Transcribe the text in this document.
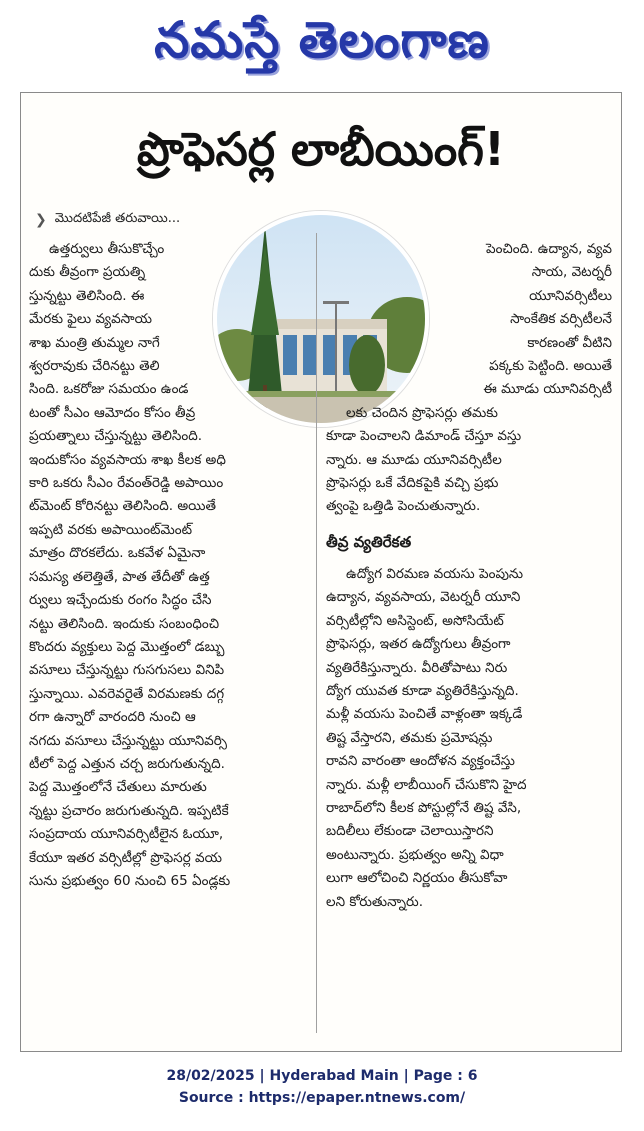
నమస్తే తెలంగాణ
ప్రొఫెసర్ల లాబీయింగ్!
❯ మొదటిపేజీ తరువాయి...

ఉత్తర్వులు తీసుకొచ్చేం

దుకు తీవ్రంగా ప్రయత్ని

స్తున్నట్టు తెలిసింది. ఈ

మేరకు ఫైలు వ్యవసాయ

శాఖ మంత్రి తుమ్మల నాగే

శ్వరరావుకు చేరినట్టు తెలి

సింది. ఒకరోజు సమయం ఉండ

టంతో సీఎం ఆమోదం కోసం తీవ్ర

ప్రయత్నాలు చేస్తున్నట్టు తెలిసింది.

ఇందుకోసం వ్యవసాయ శాఖ కీలక అధి

కారి ఒకరు సీఎం రేవంత్‌రెడ్డి అపాయిం

ట్‌మెంట్ కోరినట్టు తెలిసింది. అయితే

ఇప్పటి వరకు అపాయింట్‌మెంట్

మాత్రం దొరకలేదు. ఒకవేళ ఏమైనా

సమస్య తలెత్తితే, పాత తేదీతో ఉత్త

ర్వులు ఇచ్చేందుకు రంగం సిద్ధం చేసి

నట్టు తెలిసింది. ఇందుకు సంబంధించి

కొందరు వ్యక్తులు పెద్ద మొత్తంలో డబ్బు

వసూలు చేస్తున్నట్టు గుసగుసలు వినిపి

స్తున్నాయి. ఎవరెవరైతే విరమణకు దగ్గ

రగా ఉన్నారో వారందరి నుంచి ఆ

నగదు వసూలు చేస్తున్నట్టు యూనివర్సి

టీలో పెద్ద ఎత్తున చర్చ జరుగుతున్నది.

పెద్ద మొత్తంలోనే చేతులు మారుతు

న్నట్టు ప్రచారం జరుగుతున్నది. ఇప్పటికే

సంప్రదాయ యూనివర్సిటీలైన ఓయూ,

కేయూ ఇతర వర్సిటీల్లో ప్రొఫెసర్ల వయ

సును ప్రభుత్వం 60 నుంచి 65 ఏండ్లకు

పెంచింది. ఉద్యాన, వ్యవ

సాయ, వెటర్నరీ

యూనివర్సిటీలు

సాంకేతిక వర్సిటీలనే

కారణంతో వీటిని

పక్కకు పెట్టింది. అయితే

ఈ మూడు యూనివర్సిటీ

లకు చెందిన ప్రొఫెసర్లు తమకు

కూడా పెంచాలని డిమాండ్ చేస్తూ వస్తు

న్నారు. ఆ మూడు యూనివర్సిటీల

ప్రొఫెసర్లు ఒకే వేదికపైకి వచ్చి ప్రభు

త్వంపై ఒత్తిడి పెంచుతున్నారు.

తీవ్ర వ్యతిరేకత

ఉద్యోగ విరమణ వయసు పెంపును

ఉద్యాన, వ్యవసాయ, వెటర్నరీ యూని

వర్సిటీల్లోని అసిస్టెంట్, అసోసియేట్

ప్రొఫెసర్లు, ఇతర ఉద్యోగులు తీవ్రంగా

వ్యతిరేకిస్తున్నారు. వీరితోపాటు నిరు

ద్యోగ యువత కూడా వ్యతిరేకిస్తున్నది.

మళ్లీ వయసు పెంచితే వాళ్లంతా ఇక్కడే

తిష్ట వేస్తారని, తమకు ప్రమోషన్లు

రావని వారంతా ఆందోళన వ్యక్తంచేస్తు

న్నారు. మళ్లీ లాబీయింగ్ చేసుకొని హైద

రాబాద్‌లోని కీలక పోస్టుల్లోనే తిష్ట వేసి,

బదిలీలు లేకుండా చెలాయిస్తారని

అంటున్నారు. ప్రభుత్వం అన్ని విధా

లుగా ఆలోచించి నిర్ణయం తీసుకోవా

లని కోరుతున్నారు.

28/02/2025 | Hyderabad Main | Page : 6
Source : https://epaper.ntnews.com/
